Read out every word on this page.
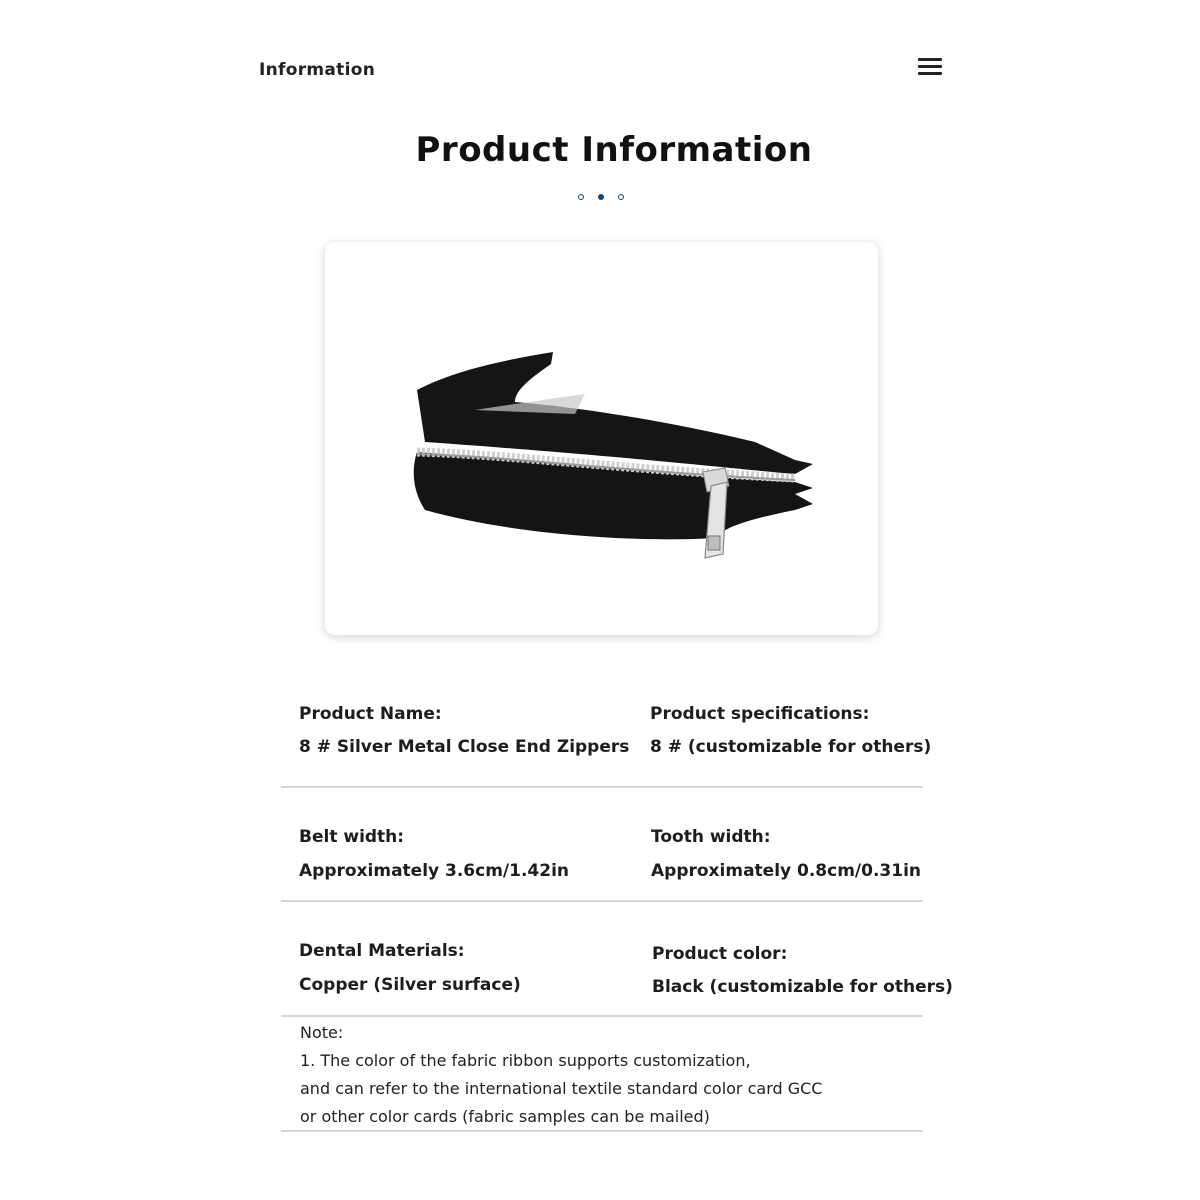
Information
Product Information
Product Name:
8 # Silver Metal Close End Zippers
Product specifications:
8 # (customizable for others)
Belt width:
Approximately 3.6cm/1.42in
Tooth width:
Approximately 0.8cm/0.31in
Dental Materials:
Copper (Silver surface)
Product color:
Black (customizable for others)
Note:
1. The color of the fabric ribbon supports customization,
and can refer to the international textile standard color card GCC
or other color cards (fabric samples can be mailed)
